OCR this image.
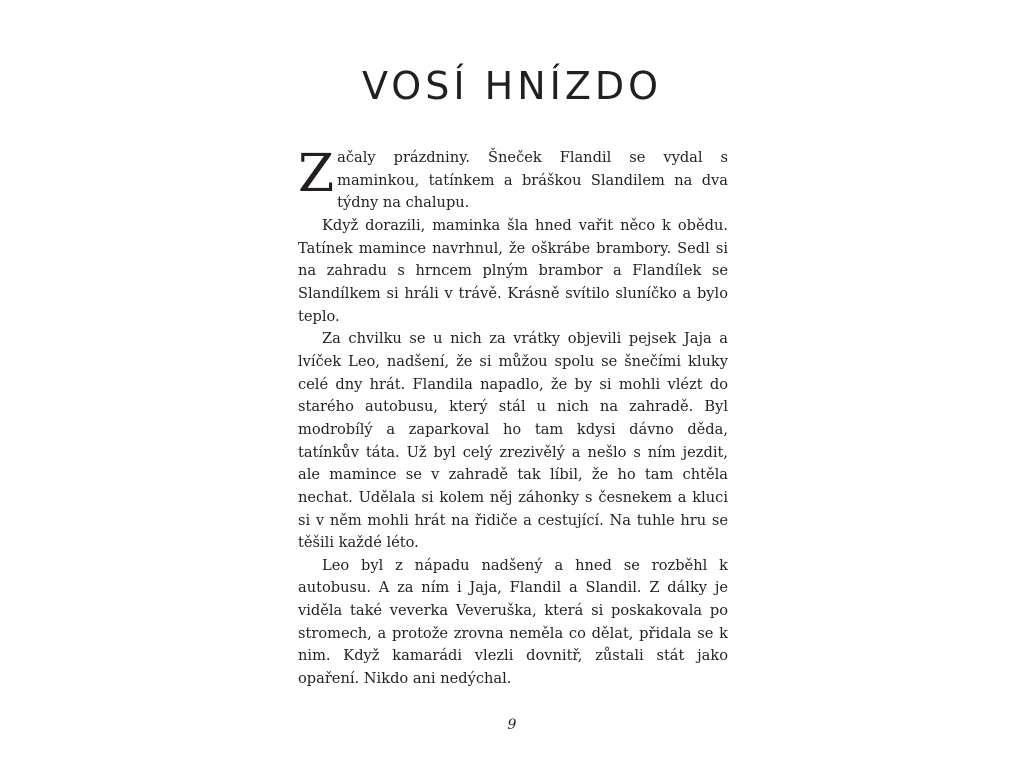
VOSÍ HNÍZDO

Začaly prázdniny. Šneček Flandil se vydal s maminkou, tatínkem a bráškou Slandilem na dva týdny na chalupu.

Když dorazili, maminka šla hned vařit něco k obědu. Tatínek mamince navrhnul, že oškrábe brambory. Sedl si na zahradu s hrncem plným brambor a Flandílek se Slandílkem si hráli v trávě. Krásně svítilo sluníčko a bylo teplo.

Za chvilku se u nich za vrátky objevili pejsek Jaja a lvíček Leo, nadšení, že si můžou spolu se šnečími kluky celé dny hrát. Flandila napadlo, že by si mohli vlézt do starého autobusu, který stál u nich na zahradě. Byl modrobílý a zaparkoval ho tam kdysi dávno děda, tatínkův táta. Už byl celý zrezivělý a nešlo s ním jezdit, ale mamince se v zahradě tak líbil, že ho tam chtěla nechat. Udělala si kolem něj záhonky s česnekem a kluci si v něm mohli hrát na řidiče a cestující. Na tuhle hru se těšili každé léto.

Leo byl z nápadu nadšený a hned se rozběhl k autobusu. A za ním i Jaja, Flandil a Slandil. Z dálky je viděla také veverka Veveruška, která si poskakovala po stromech, a protože zrovna neměla co dělat, přidala se k nim. Když kamarádi vlezli dovnitř, zůstali stát jako opaření. Nikdo ani nedýchal.

9
